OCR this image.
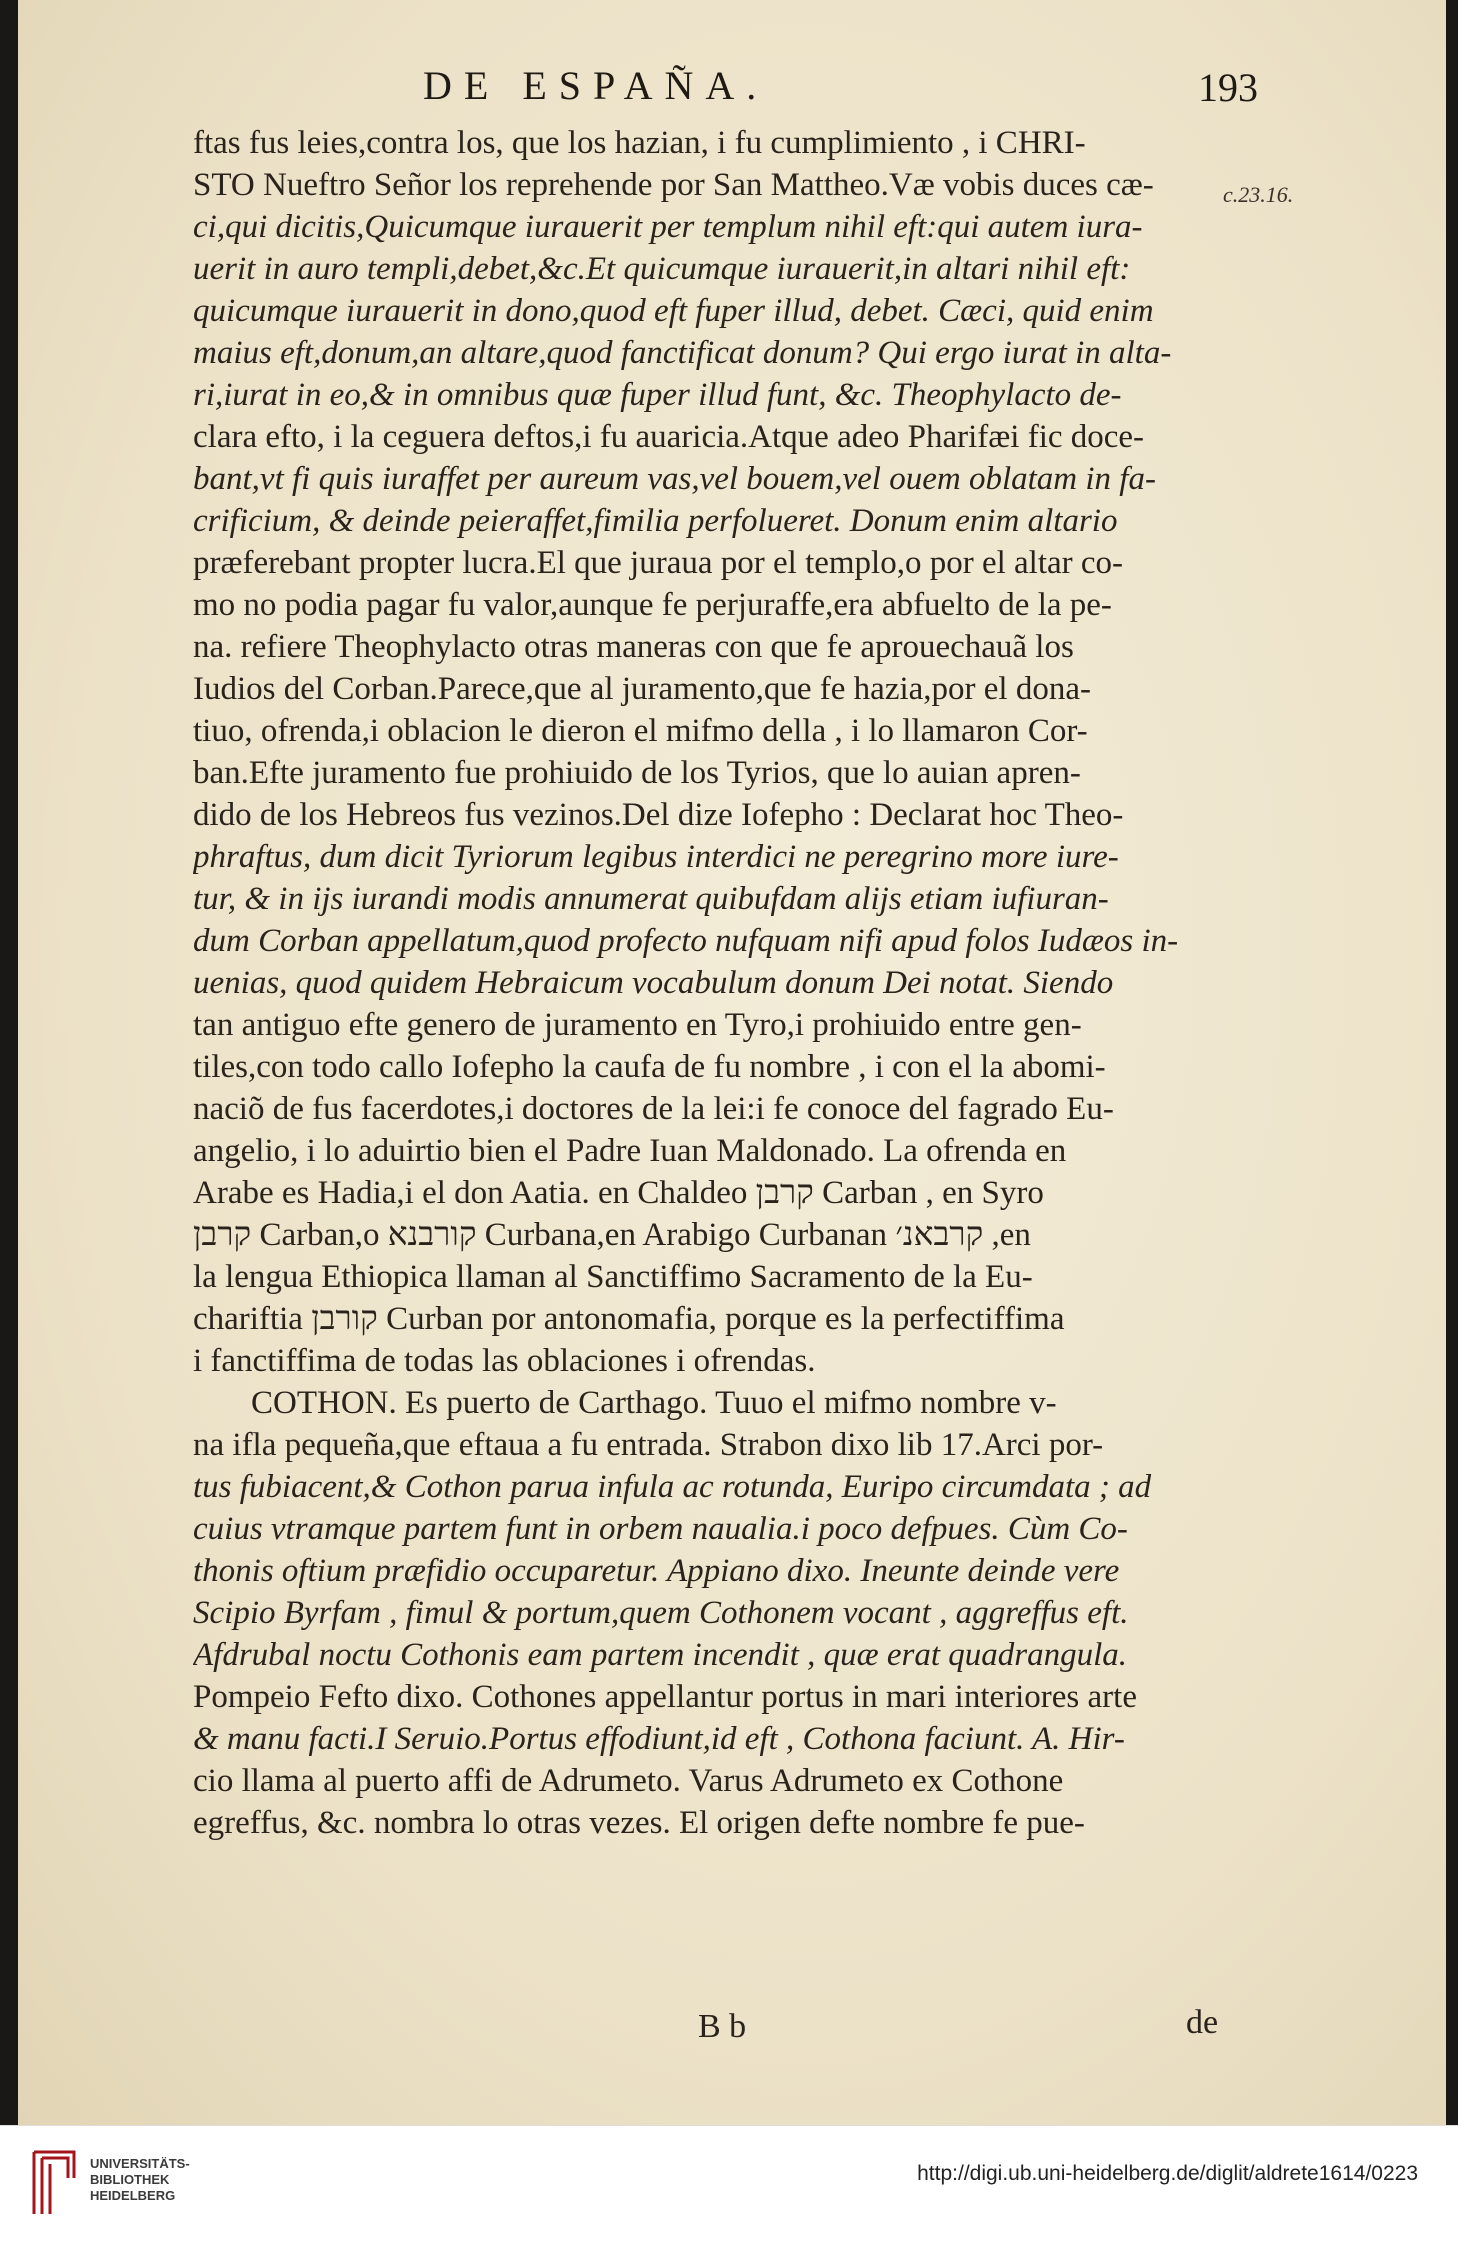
DE ESPAÑA.	193
c.23.16.
ftas fus leies,contra los, que los hazian, i fu cumplimiento , i CHRI-
STO Nueftro Señor los reprehende por San Mattheo.Væ vobis duces cæ-
ci,qui dicitis,Quicumque iurauerit per templum nihil eft:qui autem iura-
uerit in auro templi,debet,&c.Et quicumque iurauerit,in altari nihil eft:
quicumque iurauerit in dono,quod eft fuper illud, debet. Cæci, quid enim
maius eft,donum,an altare,quod fanctificat donum? Qui ergo iurat in alta-
ri,iurat in eo,& in omnibus quæ fuper illud funt, &c. Theophylacto de-
clara efto, i la ceguera deftos,i fu auaricia.Atque adeo Pharifæi fic doce-
bant,vt fi quis iuraffet per aureum vas,vel bouem,vel ouem oblatam in fa-
crificium, & deinde peieraffet,fimilia perfolueret. Donum enim altario
præferebant propter lucra.El que juraua por el templo,o por el altar co-
mo no podia pagar fu valor,aunque fe perjuraffe,era abfuelto de la pe-
na. refiere Theophylacto otras maneras con que fe aprouechauã los
Iudios del Corban.Parece,que al juramento,que fe hazia,por el dona-
tiuo, ofrenda,i oblacion le dieron el mifmo della , i lo llamaron Cor-
ban.Efte juramento fue prohiuido de los Tyrios, que lo auian apren-
dido de los Hebreos fus vezinos.Del dize Iofepho : Declarat hoc Theo-
phraftus, dum dicit Tyriorum legibus interdici ne peregrino more iure-
tur, & in ijs iurandi modis annumerat quibufdam alijs etiam iufiuran-
dum Corban appellatum,quod profecto nufquam nifi apud folos Iudæos in-
uenias, quod quidem Hebraicum vocabulum donum Dei notat. Siendo
tan antiguo efte genero de juramento en Tyro,i prohiuido entre gen-
tiles,con todo callo Iofepho la caufa de fu nombre , i con el la abomi-
naciõ de fus facerdotes,i doctores de la lei:i fe conoce del fagrado Eu-
angelio, i lo aduirtio bien el Padre Iuan Maldonado. La ofrenda en
Arabe es Hadia,i el don Aatia. en Chaldeo קרבן Carban , en Syro
קרבן Carban,o קורבנא Curbana,en Arabigo Curbanan קרבאנ׳ ,en
la lengua Ethiopica llaman al Sanctiffimo Sacramento de la Eu-
chariftia קורבן Curban por antonomafia, porque es la perfectiffima
i fanctiffima de todas las oblaciones i ofrendas.
COTHON. Es puerto de Carthago. Tuuo el mifmo nombre v-
na ifla pequeña,que eftaua a fu entrada. Strabon dixo lib 17.Arci por-
tus fubiacent,& Cothon parua infula ac rotunda, Euripo circumdata ; ad
cuius vtramque partem funt in orbem naualia.i poco defpues. Cùm Co-
thonis oftium præfidio occuparetur. Appiano dixo. Ineunte deinde vere
Scipio Byrfam , fimul & portum,quem Cothonem vocant , aggreffus eft.
Afdrubal noctu Cothonis eam partem incendit , quæ erat quadrangula.
Pompeio Fefto dixo. Cothones appellantur portus in mari interiores arte
& manu facti.I Seruio.Portus effodiunt,id eft , Cothona faciunt. A. Hir-
cio llama al puerto affi de Adrumeto. Varus Adrumeto ex Cothone
egreffus, &c. nombra lo otras vezes. El origen defte nombre fe pue-
B b	de
UNIVERSITÄTS-
BIBLIOTHEK
HEIDELBERG
http://digi.ub.uni-heidelberg.de/diglit/aldrete1614/0223
